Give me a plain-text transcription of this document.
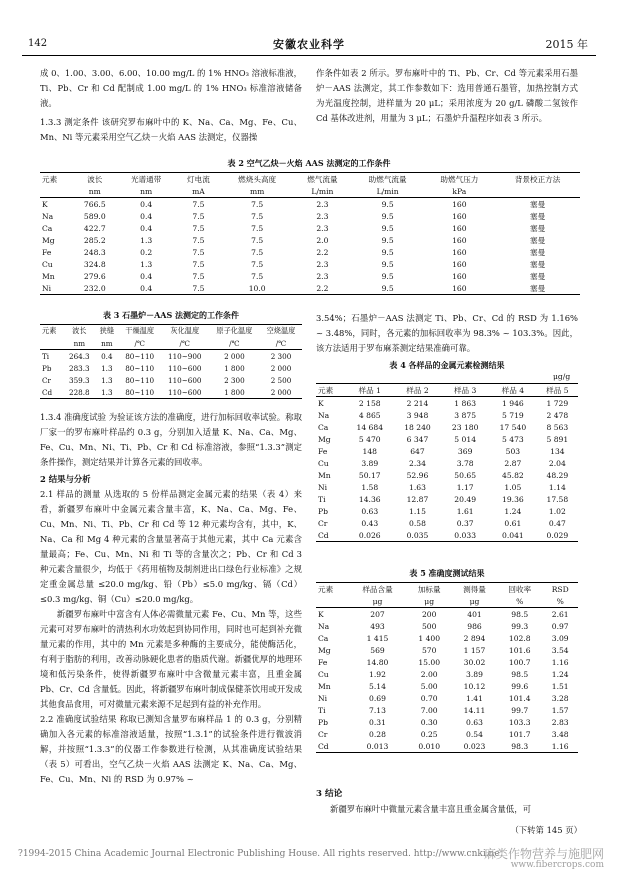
142	安徽农业科学	2015 年

成 0、1.00、3.00、6.00、10.00 mg/L 的 1% HNO₃ 溶液标准液，Ti、Pb、Cr 和 Cd 配制成 1.00 mg/L 的 1% HNO₃ 标准溶液储备液。

1.3.3 测定条件 该研究罗布麻叶中的 K、Na、Ca、Mg、Fe、Cu、Mn、Ni 等元素采用空气乙炔－火焰 AAS 法测定，仪器操

作条件如表 2 所示。罗布麻叶中的 Ti、Pb、Cr、Cd 等元素采用石墨炉－AAS 法测定，其工作参数如下：选用普通石墨管，加热控制方式为光温度控制，进样量为 20 μL；采用浓度为 20 g/L 磷酸二氢铵作 Cd 基体改进剂，用量为 3 μL；石墨炉升温程序如表 3 所示。

表 2 空气乙炔－火焰 AAS 法测定的工作条件
元素	波长	光谱通带	灯电流	燃烧头高度	燃气流量	助燃气流量	助燃气压力	背景校正方法
	nm	nm	mA	mm	L/min	L/min	kPa	
K	766.5	0.4	7.5	7.5	2.3	9.5	160	塞曼
Na	589.0	0.4	7.5	7.5	2.3	9.5	160	塞曼
Ca	422.7	0.4	7.5	7.5	2.3	9.5	160	塞曼
Mg	285.2	1.3	7.5	7.5	2.0	9.5	160	塞曼
Fe	248.3	0.2	7.5	7.5	2.2	9.5	160	塞曼
Cu	324.8	1.3	7.5	7.5	2.3	9.5	160	塞曼
Mn	279.6	0.4	7.5	7.5	2.3	9.5	160	塞曼
Ni	232.0	0.4	7.5	10.0	2.2	9.5	160	塞曼
表 3 石墨炉－AAS 法测定的工作条件
元素	波长	狭缝	干燥温度	灰化温度	原子化温度	空烧温度
	nm	nm	/℃	/℃	/℃	/℃
Ti	264.3	0.4	80~110	110~900	2 000	2 300
Pb	283.3	1.3	80~110	110~600	1 800	2 000
Cr	359.3	1.3	80~110	110~600	2 300	2 500
Cd	228.8	1.3	80~110	110~600	1 800	2 000

1.3.4 准确度试验 为验证该方法的准确度，进行加标回收率试验。称取厂家一的罗布麻叶样品约 0.3 g，分别加入适量 K、Na、Ca、Mg、Fe、Cu、Mn、Ni、Ti、Pb、Cr 和 Cd 标准溶液，参照“1.3.3”测定条件操作，测定结果并计算各元素的回收率。

2 结果与分析

2.1 样品的测量 从选取的 5 份样品测定金属元素的结果（表 4）来看，新疆罗布麻叶中金属元素含量丰富，K、Na、Ca、Mg、Fe、Cu、Mn、Ni、Ti、Pb、Cr 和 Cd 等 12 种元素均含有，其中，K、Na、Ca 和 Mg 4 种元素的含量显著高于其他元素，其中 Ca 元素含量最高；Fe、Cu、Mn、Ni 和 Ti 等的含量次之；Pb、Cr 和 Cd 3 种元素含量很少，均低于《药用植物及制剂进出口绿色行业标准》之规定重金属总量 ≤20.0 mg/kg、铅（Pb）≤5.0 mg/kg、镉（Cd）≤0.3 mg/kg、铜（Cu）≤20.0 mg/kg。

新疆罗布麻叶中富含有人体必需微量元素 Fe、Cu、Mn 等，这些元素可对罗布麻叶的清热利水功效起到协同作用，同时也可起到补充微量元素的作用，其中的 Mn 元素是多种酶的主要成分，能使酶活化，有利于脂肪的利用，改善动脉硬化患者的脂质代谢。新疆优厚的地理环境和低污染条件，使得新疆罗布麻叶中含微量元素丰富，且重金属 Pb、Cr、Cd 含量低。因此，将新疆罗布麻叶制成保健茶饮用或开发成其他食品食用，可对微量元素来源不足起到有益的补充作用。

2.2 准确度试验结果 称取已测知含量罗布麻样品 1 的 0.3 g，分别精确加入各元素的标准溶液适量，按照“1.3.1”的试验条件进行微波消解，并按照“1.3.3”的仪器工作参数进行检测，从其准确度试验结果（表 5）可看出，空气乙炔－火焰 AAS 法测定 K、Na、Ca、Mg、Fe、Cu、Mn、Ni 的 RSD 为 0.97% ~

3.54%；石墨炉－AAS 法测定 Ti、Pb、Cr、Cd 的 RSD 为 1.16% ~ 3.48%，同时，各元素的加标回收率为 98.3% ~ 103.3%。因此，该方法适用于罗布麻茶测定结果准确可靠。

表 4 各样品的金属元素检测结果
μg/g
元素	样品 1	样品 2	样品 3	样品 4	样品 5
K	2 158	2 214	1 863	1 946	1 729
Na	4 865	3 948	3 875	5 719	2 478
Ca	14 684	18 240	23 180	17 540	8 563
Mg	5 470	6 347	5 014	5 473	5 891
Fe	148	647	369	503	134
Cu	3.89	2.34	3.78	2.87	2.04
Mn	50.17	52.96	50.65	45.82	48.29
Ni	1.58	1.63	1.17	1.05	1.14
Ti	14.36	12.87	20.49	19.36	17.58
Pb	0.63	1.15	1.61	1.24	1.02
Cr	0.43	0.58	0.37	0.61	0.47
Cd	0.026	0.035	0.033	0.041	0.029
表 5 准确度测试结果
元素	样品含量	加标量	测得量	回收率	RSD
	μg	μg	μg	%	%
K	207	200	401	98.5	2.61
Na	493	500	986	99.3	0.97
Ca	1 415	1 400	2 894	102.8	3.09
Mg	569	570	1 157	101.6	3.54
Fe	14.80	15.00	30.02	100.7	1.16
Cu	1.92	2.00	3.89	98.5	1.24
Mn	5.14	5.00	10.12	99.6	1.51
Ni	0.69	0.70	1.41	101.4	3.28
Ti	7.13	7.00	14.11	99.7	1.57
Pb	0.31	0.30	0.63	103.3	2.83
Cr	0.28	0.25	0.54	101.7	3.48
Cd	0.013	0.010	0.023	98.3	1.16
3 结论
新疆罗布麻叶中微量元素含量丰富且重金属含量低，可
（下转第 145 页）
?1994-2015 China Academic Journal Electronic Publishing House. All rights reserved. http://www.cnki.ne
麻类作物营养与施肥网
www.fibercrops.com
